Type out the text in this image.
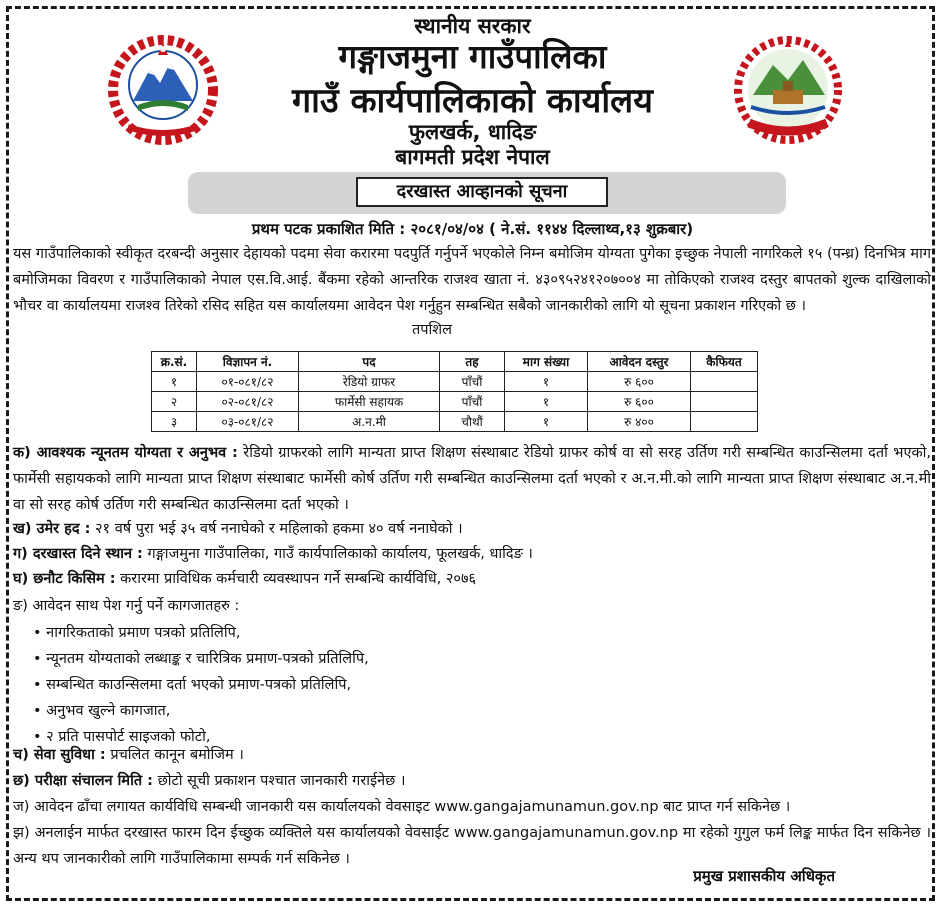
स्थानीय सरकार
गङ्गाजमुना गाउँपालिका
गाउँ कार्यपालिकाको कार्यालय
फुलखर्क, धादिङ
बागमती प्रदेश नेपाल
दरखास्त आव्हानको सूचना
प्रथम पटक प्रकाशित मिति : २०८१/०४/०४ ( ने.सं. ११४४ दिल्लाथ्व,१३ शुक्रबार)
यस गाउँपालिकाको स्वीकृत दरबन्दी अनुसार देहायको पदमा सेवा करारमा पदपुर्ति गर्नुपर्ने भएकोले निम्न बमोजिम योग्यता पुगेका इच्छुक नेपाली नागरिकले १५ (पन्ध्र) दिनभित्र माग बमोजिमका विवरण र गाउँपालिकाको नेपाल एस.वि.आई. बैंकमा रहेको आन्तरिक राजश्व खाता नं. ४३०९५२४१२०७००४ मा तोकिएको राजश्व दस्तुर बापतको शुल्क दाखिलाको भौचर वा कार्यालयमा राजश्व तिरेको रसिद सहित यस कार्यालयमा आवेदन पेश गर्नुहुन सम्बन्धित सबैको जानकारीको लागि यो सूचना प्रकाशन गरिएको छ ।
तपशिल
क्र.सं.	विज्ञापन नं.	पद	तह	माग संख्या	आवेदन दस्तुर	कैफियत
१	०१-०८१/८२	रेडियो ग्राफर	पाँचौं	१	रु ६००	
२	०२-०८१/८२	फार्मेसी सहायक	पाँचौं	१	रु ६००	
३	०३-०८१/८२	अ.न.मी	चौथौं	१	रु ४००	
क) आवश्यक न्यूनतम योग्यता र अनुभव : रेडियो ग्राफरको लागि मान्यता प्राप्त शिक्षण संस्थाबाट रेडियो ग्राफर कोर्ष वा सो सरह उर्तिण गरी सम्बन्धित काउन्सिलमा दर्ता भएको, फार्मेसी सहायकको लागि मान्यता प्राप्त शिक्षण संस्थाबाट फार्मेसी कोर्ष उर्तिण गरी सम्बन्धित काउन्सिलमा दर्ता भएको र अ.न.मी.को लागि मान्यता प्राप्त शिक्षण संस्थाबाट अ.न.मी वा सो सरह कोर्ष उर्तिण गरी सम्बन्धित काउन्सिलमा दर्ता भएको ।
ख) उमेर हद : २१ वर्ष पुरा भई ३५ वर्ष ननाघेको र महिलाको हकमा ४० वर्ष ननाघेको ।
ग) दरखास्त दिने स्थान : गङ्गाजमुना गाउँपालिका, गाउँ कार्यपालिकाको कार्यालय, फूलखर्क, धादिङ ।
घ) छनौट किसिम : करारमा प्राविधिक कर्मचारी व्यवस्थापन गर्ने सम्बन्धि कार्यविधि, २०७६
ङ) आवेदन साथ पेश गर्नु पर्ने कागजातहरु :
• नागरिकताको प्रमाण पत्रको प्रतिलिपि,
• न्यूनतम योग्यताको लब्धाङ्क र चारित्रिक प्रमाण-पत्रको प्रतिलिपि,
• सम्बन्धित काउन्सिलमा दर्ता भएको प्रमाण-पत्रको प्रतिलिपि,
• अनुभव खुल्ने कागजात,
• २ प्रति पासपोर्ट साइजको फोटो,
च) सेवा सुविधा : प्रचलित कानून बमोजिम ।
छ) परीक्षा संचालन मिति : छोटो सूची प्रकाशन पश्चात जानकारी गराईनेछ ।
ज) आवेदन ढाँचा लगायत कार्यविधि सम्बन्धी जानकारी यस कार्यालयको वेवसाइट www.gangajamunamun.gov.np बाट प्राप्त गर्न सकिनेछ ।
झ) अनलाईन मार्फत दरखास्त फारम दिन ईच्छुक व्यक्तिले यस कार्यालयको वेवसाईट www.gangajamunamun.gov.np मा रहेको गुगुल फर्म लिङ्क मार्फत दिन सकिनेछ । अन्य थप जानकारीको लागि गाउँपालिकामा सम्पर्क गर्न सकिनेछ ।
प्रमुख प्रशासकीय अधिकृत
